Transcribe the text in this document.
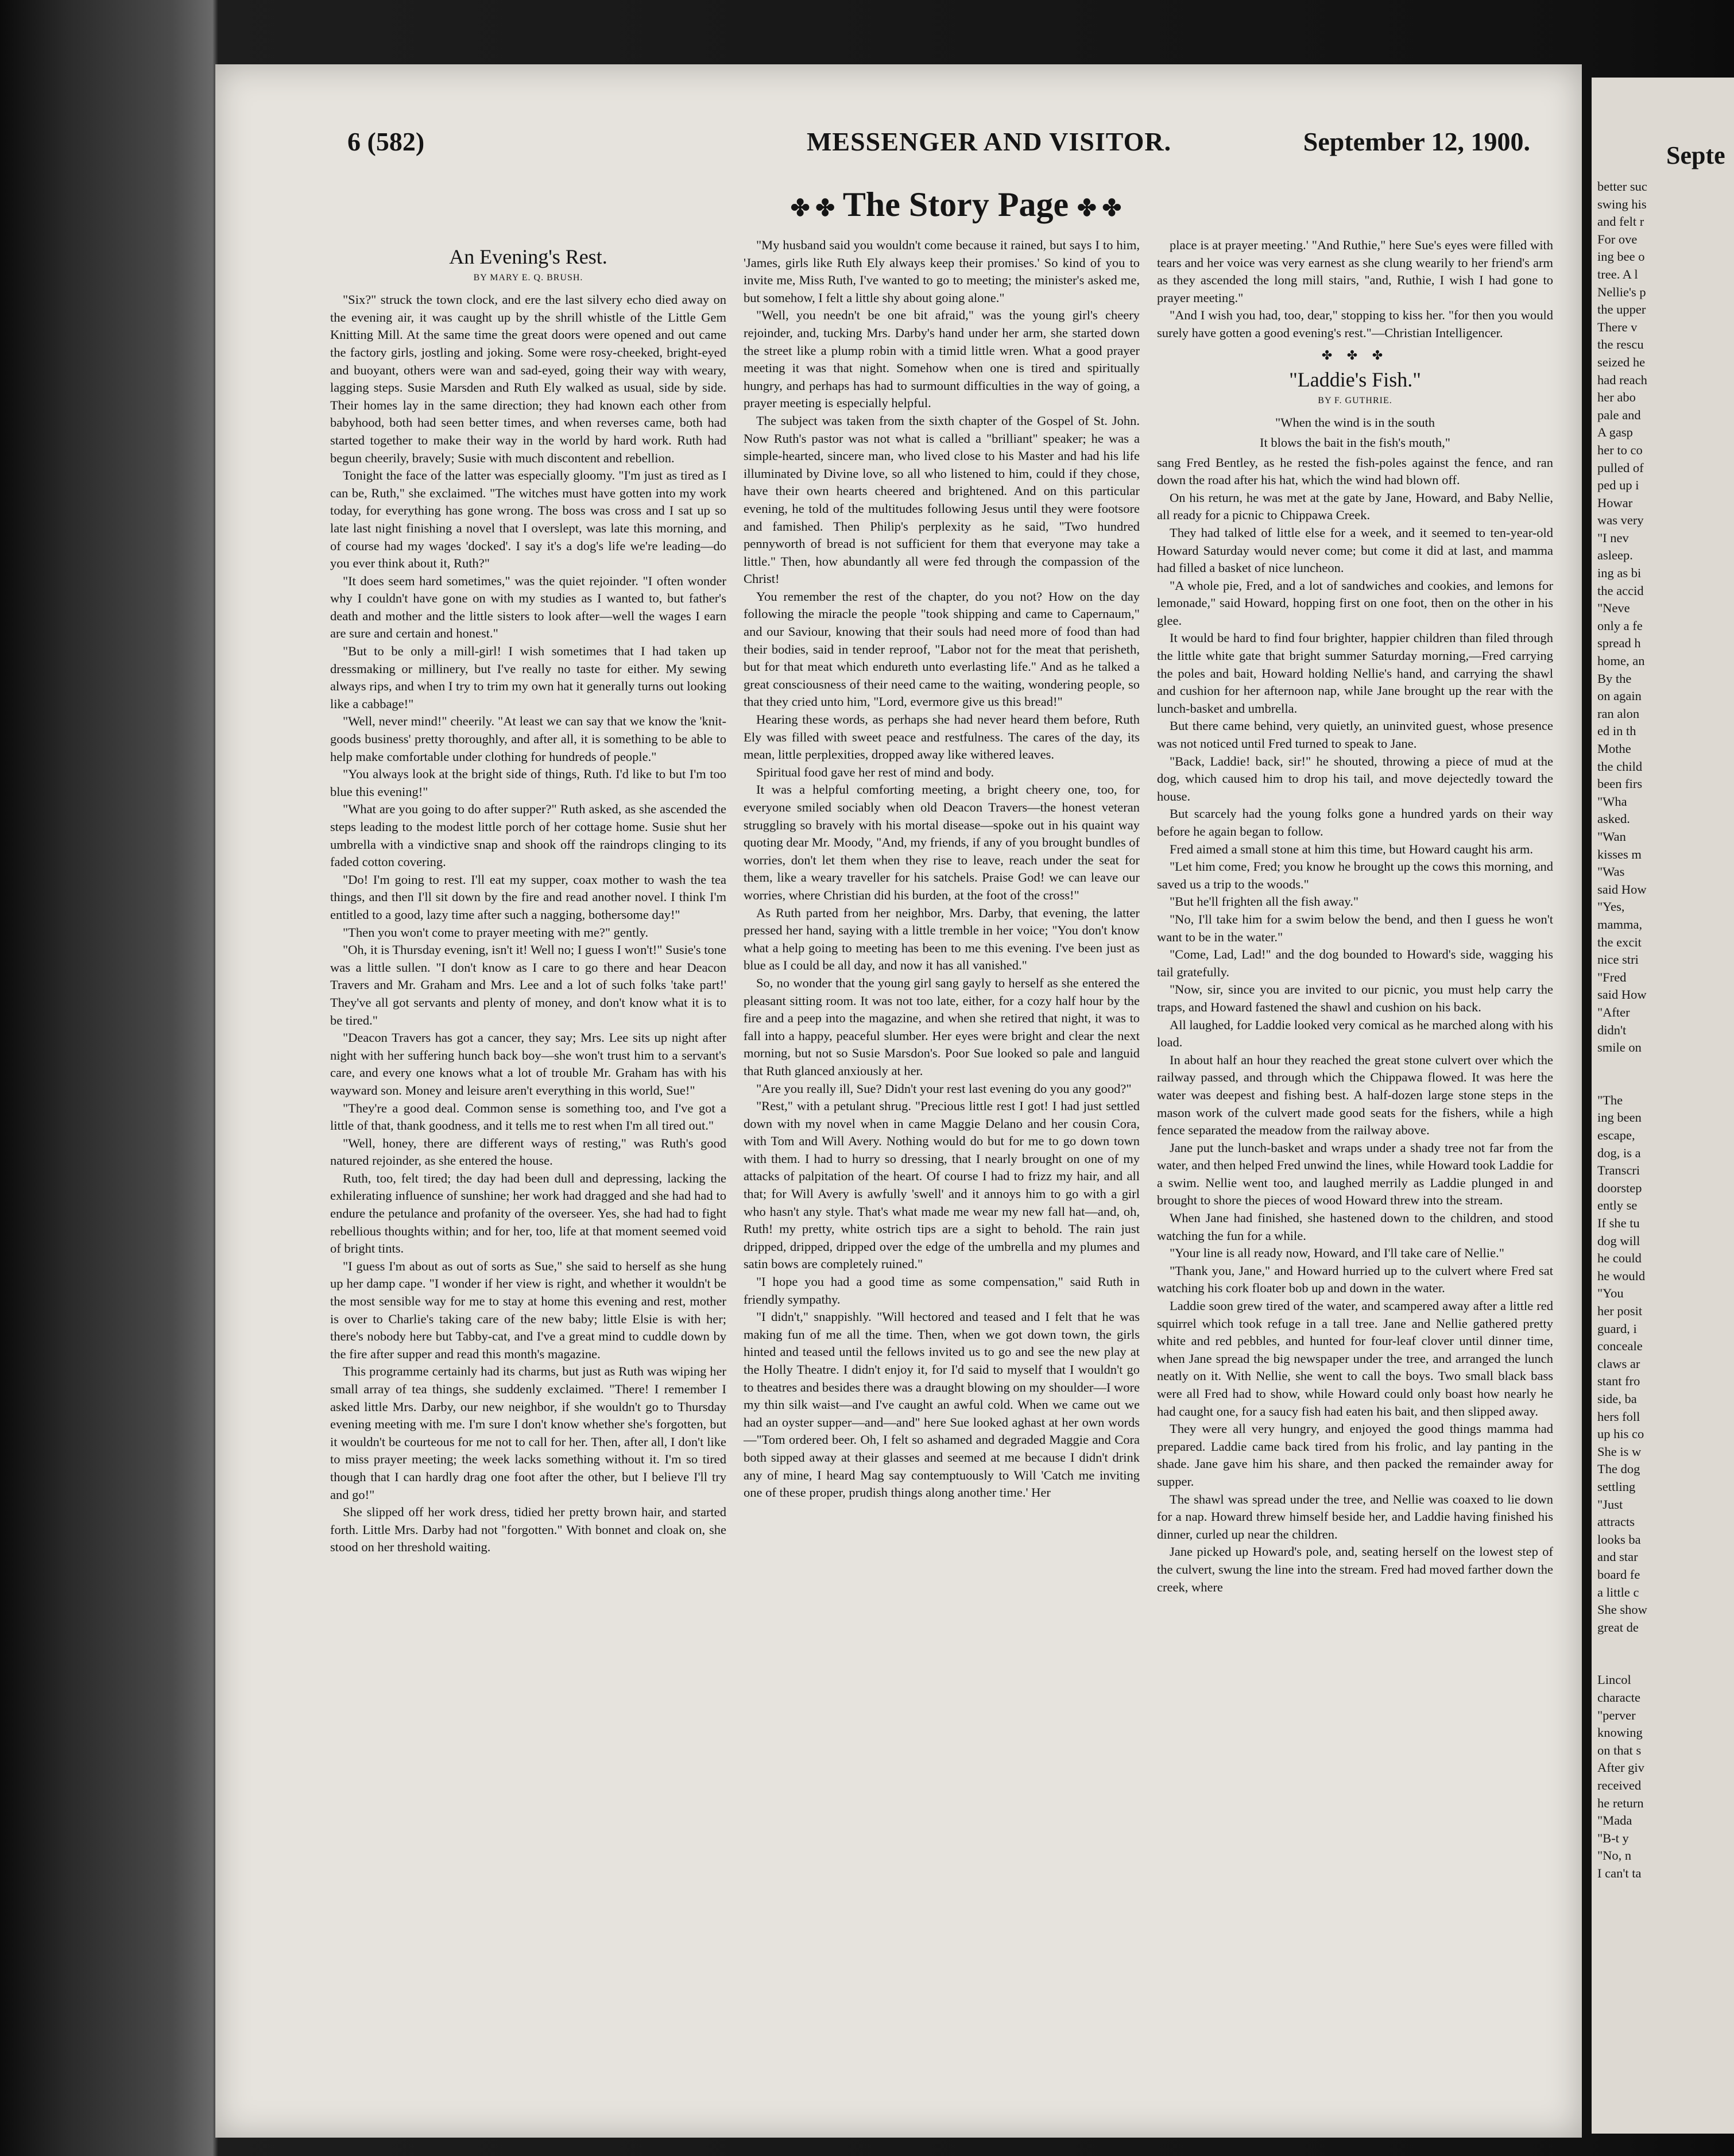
6 (582)	MESSENGER AND VISITOR.	September 12, 1900.
✤ ✤ The Story Page ✤ ✤
An Evening's Rest.
BY MARY E. Q. BRUSH.

"Six?" struck the town clock, and ere the last silvery echo died away on the evening air, it was caught up by the shrill whistle of the Little Gem Knitting Mill. At the same time the great doors were opened and out came the factory girls, jostling and joking. Some were rosy-cheeked, bright-eyed and buoyant, others were wan and sad-eyed, going their way with weary, lagging steps. Susie Marsden and Ruth Ely walked as usual, side by side. Their homes lay in the same direction; they had known each other from babyhood, both had seen better times, and when reverses came, both had started together to make their way in the world by hard work. Ruth had begun cheerily, bravely; Susie with much discontent and rebellion.

Tonight the face of the latter was especially gloomy. "I'm just as tired as I can be, Ruth," she exclaimed. "The witches must have gotten into my work today, for everything has gone wrong. The boss was cross and I sat up so late last night finishing a novel that I overslept, was late this morning, and of course had my wages 'docked'. I say it's a dog's life we're leading—do you ever think about it, Ruth?"

"It does seem hard sometimes," was the quiet rejoinder. "I often wonder why I couldn't have gone on with my studies as I wanted to, but father's death and mother and the little sisters to look after—well the wages I earn are sure and certain and honest."

"But to be only a mill-girl! I wish sometimes that I had taken up dressmaking or millinery, but I've really no taste for either. My sewing always rips, and when I try to trim my own hat it generally turns out looking like a cabbage!"

"Well, never mind!" cheerily. "At least we can say that we know the 'knit-goods business' pretty thoroughly, and after all, it is something to be able to help make comfortable under clothing for hundreds of people."

"You always look at the bright side of things, Ruth. I'd like to but I'm too blue this evening!"

"What are you going to do after supper?" Ruth asked, as she ascended the steps leading to the modest little porch of her cottage home. Susie shut her umbrella with a vindictive snap and shook off the raindrops clinging to its faded cotton covering.

"Do! I'm going to rest. I'll eat my supper, coax mother to wash the tea things, and then I'll sit down by the fire and read another novel. I think I'm entitled to a good, lazy time after such a nagging, bothersome day!"

"Then you won't come to prayer meeting with me?" gently.

"Oh, it is Thursday evening, isn't it! Well no; I guess I won't!" Susie's tone was a little sullen. "I don't know as I care to go there and hear Deacon Travers and Mr. Graham and Mrs. Lee and a lot of such folks 'take part!' They've all got servants and plenty of money, and don't know what it is to be tired."

"Deacon Travers has got a cancer, they say; Mrs. Lee sits up night after night with her suffering hunch back boy—she won't trust him to a servant's care, and every one knows what a lot of trouble Mr. Graham has with his wayward son. Money and leisure aren't everything in this world, Sue!"

"They're a good deal. Common sense is something too, and I've got a little of that, thank goodness, and it tells me to rest when I'm all tired out."

"Well, honey, there are different ways of resting," was Ruth's good natured rejoinder, as she entered the house.

Ruth, too, felt tired; the day had been dull and depressing, lacking the exhilerating influence of sunshine; her work had dragged and she had had to endure the petulance and profanity of the overseer. Yes, she had had to fight rebellious thoughts within; and for her, too, life at that moment seemed void of bright tints.

"I guess I'm about as out of sorts as Sue," she said to herself as she hung up her damp cape. "I wonder if her view is right, and whether it wouldn't be the most sensible way for me to stay at home this evening and rest, mother is over to Charlie's taking care of the new baby; little Elsie is with her; there's nobody here but Tabby-cat, and I've a great mind to cuddle down by the fire after supper and read this month's magazine.

This programme certainly had its charms, but just as Ruth was wiping her small array of tea things, she suddenly exclaimed. "There! I remember I asked little Mrs. Darby, our new neighbor, if she wouldn't go to Thursday evening meeting with me. I'm sure I don't know whether she's forgotten, but it wouldn't be courteous for me not to call for her. Then, after all, I don't like to miss prayer meeting; the week lacks something without it. I'm so tired though that I can hardly drag one foot after the other, but I believe I'll try and go!"

She slipped off her work dress, tidied her pretty brown hair, and started forth. Little Mrs. Darby had not "forgotten." With bonnet and cloak on, she stood on her threshold waiting.

"My husband said you wouldn't come because it rained, but says I to him, 'James, girls like Ruth Ely always keep their promises.' So kind of you to invite me, Miss Ruth, I've wanted to go to meeting; the minister's asked me, but somehow, I felt a little shy about going alone."

"Well, you needn't be one bit afraid," was the young girl's cheery rejoinder, and, tucking Mrs. Darby's hand under her arm, she started down the street like a plump robin with a timid little wren. What a good prayer meeting it was that night. Somehow when one is tired and spiritually hungry, and perhaps has had to surmount difficulties in the way of going, a prayer meeting is especially helpful.

The subject was taken from the sixth chapter of the Gospel of St. John. Now Ruth's pastor was not what is called a "brilliant" speaker; he was a simple-hearted, sincere man, who lived close to his Master and had his life illuminated by Divine love, so all who listened to him, could if they chose, have their own hearts cheered and brightened. And on this particular evening, he told of the multitudes following Jesus until they were footsore and famished. Then Philip's perplexity as he said, "Two hundred pennyworth of bread is not sufficient for them that everyone may take a little." Then, how abundantly all were fed through the compassion of the Christ!

You remember the rest of the chapter, do you not? How on the day following the miracle the people "took shipping and came to Capernaum," and our Saviour, knowing that their souls had need more of food than had their bodies, said in tender reproof, "Labor not for the meat that perisheth, but for that meat which endureth unto everlasting life." And as he talked a great consciousness of their need came to the waiting, wondering people, so that they cried unto him, "Lord, evermore give us this bread!"

Hearing these words, as perhaps she had never heard them before, Ruth Ely was filled with sweet peace and restfulness. The cares of the day, its mean, little perplexities, dropped away like withered leaves.

Spiritual food gave her rest of mind and body.

It was a helpful comforting meeting, a bright cheery one, too, for everyone smiled sociably when old Deacon Travers—the honest veteran struggling so bravely with his mortal disease—spoke out in his quaint way quoting dear Mr. Moody, "And, my friends, if any of you brought bundles of worries, don't let them when they rise to leave, reach under the seat for them, like a weary traveller for his satchels. Praise God! we can leave our worries, where Christian did his burden, at the foot of the cross!"

As Ruth parted from her neighbor, Mrs. Darby, that evening, the latter pressed her hand, saying with a little tremble in her voice; "You don't know what a help going to meeting has been to me this evening. I've been just as blue as I could be all day, and now it has all vanished."

So, no wonder that the young girl sang gayly to herself as she entered the pleasant sitting room. It was not too late, either, for a cozy half hour by the fire and a peep into the magazine, and when she retired that night, it was to fall into a happy, peaceful slumber. Her eyes were bright and clear the next morning, but not so Susie Marsdon's. Poor Sue looked so pale and languid that Ruth glanced anxiously at her.

"Are you really ill, Sue? Didn't your rest last evening do you any good?"

"Rest," with a petulant shrug. "Precious little rest I got! I had just settled down with my novel when in came Maggie Delano and her cousin Cora, with Tom and Will Avery. Nothing would do but for me to go down town with them. I had to hurry so dressing, that I nearly brought on one of my attacks of palpitation of the heart. Of course I had to frizz my hair, and all that; for Will Avery is awfully 'swell' and it annoys him to go with a girl who hasn't any style. That's what made me wear my new fall hat—and, oh, Ruth! my pretty, white ostrich tips are a sight to behold. The rain just dripped, dripped, dripped over the edge of the umbrella and my plumes and satin bows are completely ruined."

"I hope you had a good time as some compensation," said Ruth in friendly sympathy.

"I didn't," snappishly. "Will hectored and teased and I felt that he was making fun of me all the time. Then, when we got down town, the girls hinted and teased until the fellows invited us to go and see the new play at the Holly Theatre. I didn't enjoy it, for I'd said to myself that I wouldn't go to theatres and besides there was a draught blowing on my shoulder—I wore my thin silk waist—and I've caught an awful cold. When we came out we had an oyster supper—and—and" here Sue looked aghast at her own words—"Tom ordered beer. Oh, I felt so ashamed and degraded Maggie and Cora both sipped away at their glasses and seemed at me because I didn't drink any of mine, I heard Mag say contemptuously to Will 'Catch me inviting one of these proper, prudish things along another time.' Her

place is at prayer meeting.' "And Ruthie," here Sue's eyes were filled with tears and her voice was very earnest as she clung wearily to her friend's arm as they ascended the long mill stairs, "and, Ruthie, I wish I had gone to prayer meeting."

"And I wish you had, too, dear," stopping to kiss her. "for then you would surely have gotten a good evening's rest."—Christian Intelligencer.

✤ ✤ ✤
"Laddie's Fish."
BY F. GUTHRIE.
"When the wind is in the south
It blows the bait in the fish's mouth,"

sang Fred Bentley, as he rested the fish-poles against the fence, and ran down the road after his hat, which the wind had blown off.

On his return, he was met at the gate by Jane, Howard, and Baby Nellie, all ready for a picnic to Chippawa Creek.

They had talked of little else for a week, and it seemed to ten-year-old Howard Saturday would never come; but come it did at last, and mamma had filled a basket of nice luncheon.

"A whole pie, Fred, and a lot of sandwiches and cookies, and lemons for lemonade," said Howard, hopping first on one foot, then on the other in his glee.

It would be hard to find four brighter, happier children than filed through the little white gate that bright summer Saturday morning,—Fred carrying the poles and bait, Howard holding Nellie's hand, and carrying the shawl and cushion for her afternoon nap, while Jane brought up the rear with the lunch-basket and umbrella.

But there came behind, very quietly, an uninvited guest, whose presence was not noticed until Fred turned to speak to Jane.

"Back, Laddie! back, sir!" he shouted, throwing a piece of mud at the dog, which caused him to drop his tail, and move dejectedly toward the house.

But scarcely had the young folks gone a hundred yards on their way before he again began to follow.

Fred aimed a small stone at him this time, but Howard caught his arm.

"Let him come, Fred; you know he brought up the cows this morning, and saved us a trip to the woods."

"But he'll frighten all the fish away."

"No, I'll take him for a swim below the bend, and then I guess he won't want to be in the water."

"Come, Lad, Lad!" and the dog bounded to Howard's side, wagging his tail gratefully.

"Now, sir, since you are invited to our picnic, you must help carry the traps, and Howard fastened the shawl and cushion on his back.

All laughed, for Laddie looked very comical as he marched along with his load.

In about half an hour they reached the great stone culvert over which the railway passed, and through which the Chippawa flowed. It was here the water was deepest and fishing best. A half-dozen large stone steps in the mason work of the culvert made good seats for the fishers, while a high fence separated the meadow from the railway above.

Jane put the lunch-basket and wraps under a shady tree not far from the water, and then helped Fred unwind the lines, while Howard took Laddie for a swim. Nellie went too, and laughed merrily as Laddie plunged in and brought to shore the pieces of wood Howard threw into the stream.

When Jane had finished, she hastened down to the children, and stood watching the fun for a while.

"Your line is all ready now, Howard, and I'll take care of Nellie."

"Thank you, Jane," and Howard hurried up to the culvert where Fred sat watching his cork floater bob up and down in the water.

Laddie soon grew tired of the water, and scampered away after a little red squirrel which took refuge in a tall tree. Jane and Nellie gathered pretty white and red pebbles, and hunted for four-leaf clover until dinner time, when Jane spread the big newspaper under the tree, and arranged the lunch neatly on it. With Nellie, she went to call the boys. Two small black bass were all Fred had to show, while Howard could only boast how nearly he had caught one, for a saucy fish had eaten his bait, and then slipped away.

They were all very hungry, and enjoyed the good things mamma had prepared. Laddie came back tired from his frolic, and lay panting in the shade. Jane gave him his share, and then packed the remainder away for supper.

The shawl was spread under the tree, and Nellie was coaxed to lie down for a nap. Howard threw himself beside her, and Laddie having finished his dinner, curled up near the children.

Jane picked up Howard's pole, and, seating herself on the lowest step of the culvert, swung the line into the stream. Fred had moved farther down the creek, where

Septe
better suc
swing his
and felt r
For ove
ing bee o
tree. A l
Nellie's p
the upper
There v
the rescu
seized he
had reach
her abo
pale and
A gasp
her to co
pulled of
ped up i
Howar
was very
"I nev
asleep.
ing as bi
the accid
"Neve
only a fe
spread h
home, an
By the
on again
ran alon
ed in th
Mothe
the child
been firs
"Wha
asked.
"Wan
kisses m
"Was
said How
"Yes,
mamma,
the excit
nice stri
"Fred
said How
"After
didn't
smile on
"The
ing been
escape,
dog, is a
Transcri
doorstep
ently se
If she tu
dog will
he could
he would
"You
her posit
guard, i
conceale
claws ar
stant fro
side, ba
hers foll
up his co
She is w
The dog
settling
"Just
attracts
looks ba
and star
board fe
a little c
She show
great de
Lincol
characte
"perver
knowing
on that s
After giv
received
he return
"Mada
"B-t y
"No, n
I can't ta
